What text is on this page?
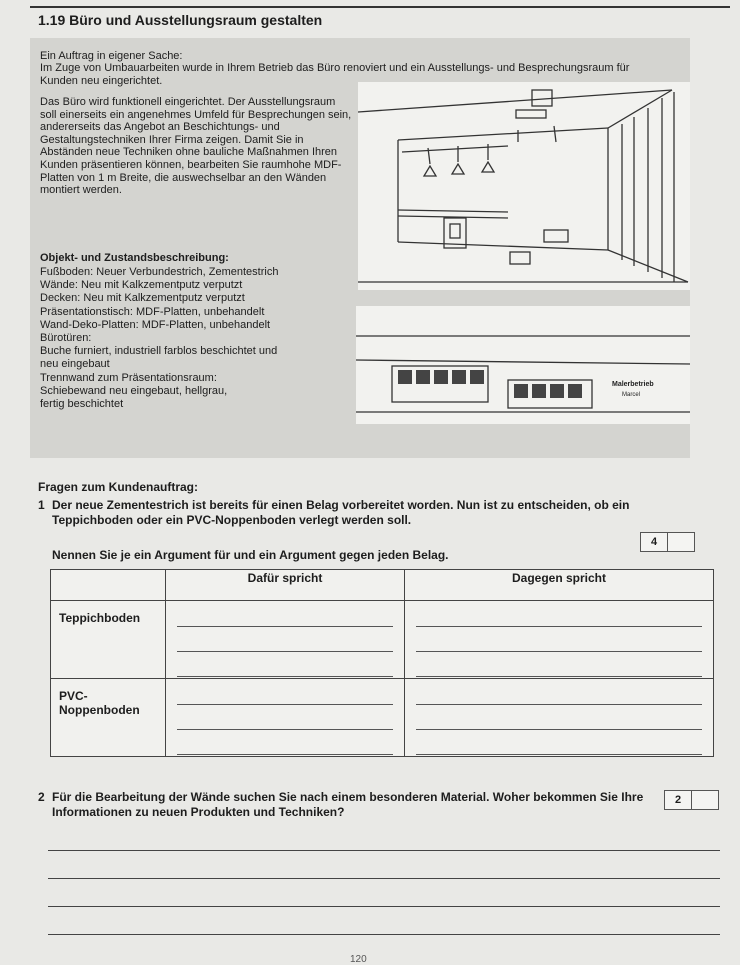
1.19 Büro und Ausstellungsraum gestalten
Ein Auftrag in eigener Sache:
Im Zuge von Umbauarbeiten wurde in Ihrem Betrieb das Büro renoviert und ein Ausstellungs- und Besprechungsraum für Kunden neu eingerichtet.
Das Büro wird funktionell eingerichtet. Der Ausstellungsraum soll einerseits ein angenehmes Umfeld für Besprechungen sein, andererseits das Angebot an Beschichtungs- und Gestaltungstechniken Ihrer Firma zeigen. Damit Sie in Abständen neue Techniken ohne bauliche Maßnahmen Ihren Kunden präsentieren können, bearbeiten Sie raumhohe MDF-Platten von 1 m Breite, die auswechselbar an den Wänden montiert werden.
Objekt- und Zustandsbeschreibung:
Fußboden: Neuer Verbundestrich, Zementestrich
Wände: Neu mit Kalkzementputz verputzt
Decken: Neu mit Kalkzementputz verputzt
Präsentationstisch: MDF-Platten, unbehandelt
Wand-Deko-Platten: MDF-Platten, unbehandelt
Bürotüren:
Buche furniert, industriell farblos beschichtet und
neu eingebaut
Trennwand zum Präsentationsraum:
Schiebewand neu eingebaut, hellgrau,
fertig beschichtet
Malerbetrieb
Marcel
Fragen zum Kundenauftrag:
1 Der neue Zementestrich ist bereits für einen Belag vorbereitet worden. Nun ist zu entscheiden, ob ein Teppichboden oder ein PVC-Noppenboden verlegt werden soll.
Nennen Sie je ein Argument für und ein Argument gegen jeden Belag.
4
	Dafür spricht	Dagegen spricht
Teppichboden	

PVC-Noppenboden	

2 Für die Bearbeitung der Wände suchen Sie nach einem besonderen Material. Woher bekommen Sie Ihre Informationen zu neuen Produkten und Techniken?
2
120
